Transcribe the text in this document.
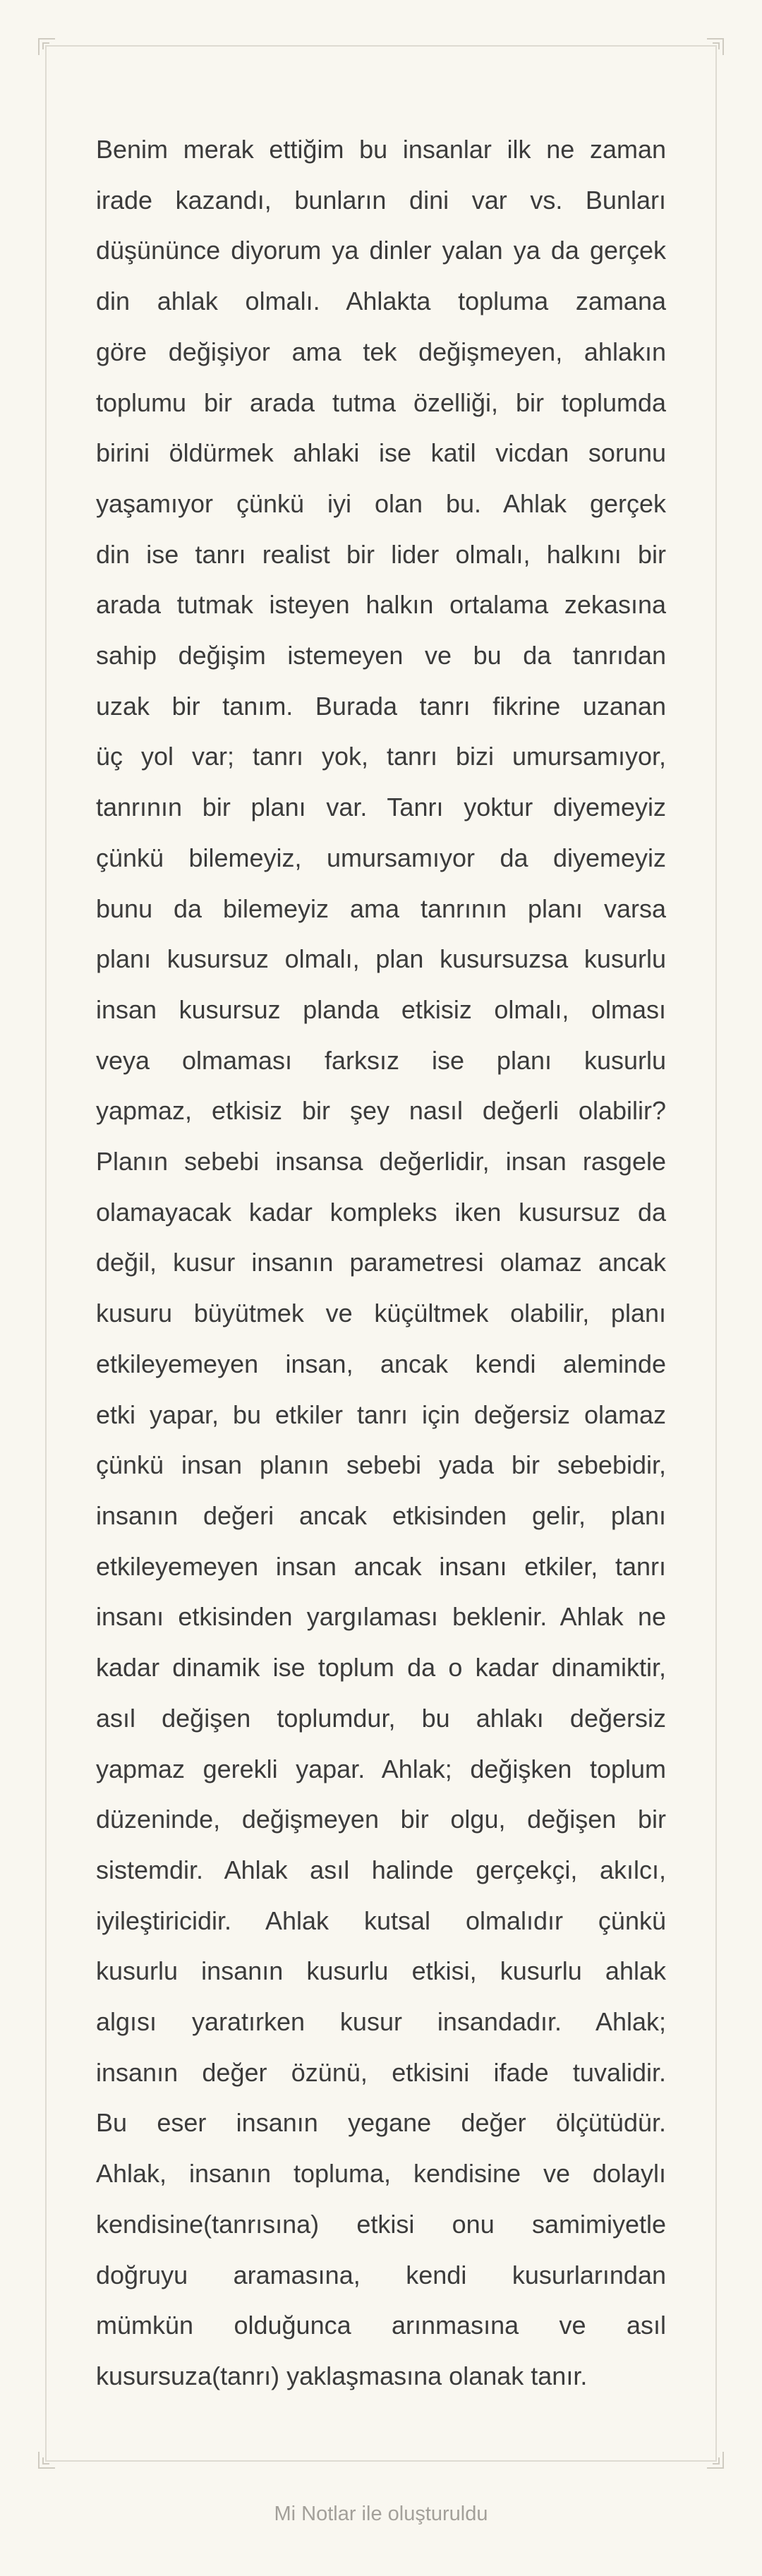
Benim merak ettiğim bu insanlar ilk ne zaman
irade kazandı, bunların dini var vs. Bunları
düşününce diyorum ya dinler yalan ya da gerçek
din ahlak olmalı. Ahlakta topluma zamana
göre değişiyor ama tek değişmeyen, ahlakın
toplumu bir arada tutma özelliği, bir toplumda
birini öldürmek ahlaki ise katil vicdan sorunu
yaşamıyor çünkü iyi olan bu. Ahlak gerçek
din ise tanrı realist bir lider olmalı, halkını bir
arada tutmak isteyen halkın ortalama zekasına
sahip değişim istemeyen ve bu da tanrıdan
uzak bir tanım. Burada tanrı fikrine uzanan
üç yol var; tanrı yok, tanrı bizi umursamıyor,
tanrının bir planı var. Tanrı yoktur diyemeyiz
çünkü bilemeyiz, umursamıyor da diyemeyiz
bunu da bilemeyiz ama tanrının planı varsa
planı kusursuz olmalı, plan kusursuzsa kusurlu
insan kusursuz planda etkisiz olmalı, olması
veya olmaması farksız ise planı kusurlu
yapmaz, etkisiz bir şey nasıl değerli olabilir?
Planın sebebi insansa değerlidir, insan rasgele
olamayacak kadar kompleks iken kusursuz da
değil, kusur insanın parametresi olamaz ancak
kusuru büyütmek ve küçültmek olabilir, planı
etkileyemeyen insan, ancak kendi aleminde
etki yapar, bu etkiler tanrı için değersiz olamaz
çünkü insan planın sebebi yada bir sebebidir,
insanın değeri ancak etkisinden gelir, planı
etkileyemeyen insan ancak insanı etkiler, tanrı
insanı etkisinden yargılaması beklenir. Ahlak ne
kadar dinamik ise toplum da o kadar dinamiktir,
asıl değişen toplumdur, bu ahlakı değersiz
yapmaz gerekli yapar. Ahlak; değişken toplum
düzeninde, değişmeyen bir olgu, değişen bir
sistemdir. Ahlak asıl halinde gerçekçi, akılcı,
iyileştiricidir. Ahlak kutsal olmalıdır çünkü
kusurlu insanın kusurlu etkisi, kusurlu ahlak
algısı yaratırken kusur insandadır. Ahlak;
insanın değer özünü, etkisini ifade tuvalidir.
Bu eser insanın yegane değer ölçütüdür.
Ahlak, insanın topluma, kendisine ve dolaylı
kendisine(tanrısına) etkisi onu samimiyetle
doğruyu aramasına, kendi kusurlarından
mümkün olduğunca arınmasına ve asıl
kusursuza(tanrı) yaklaşmasına olanak tanır.
Mi Notlar ile oluşturuldu
